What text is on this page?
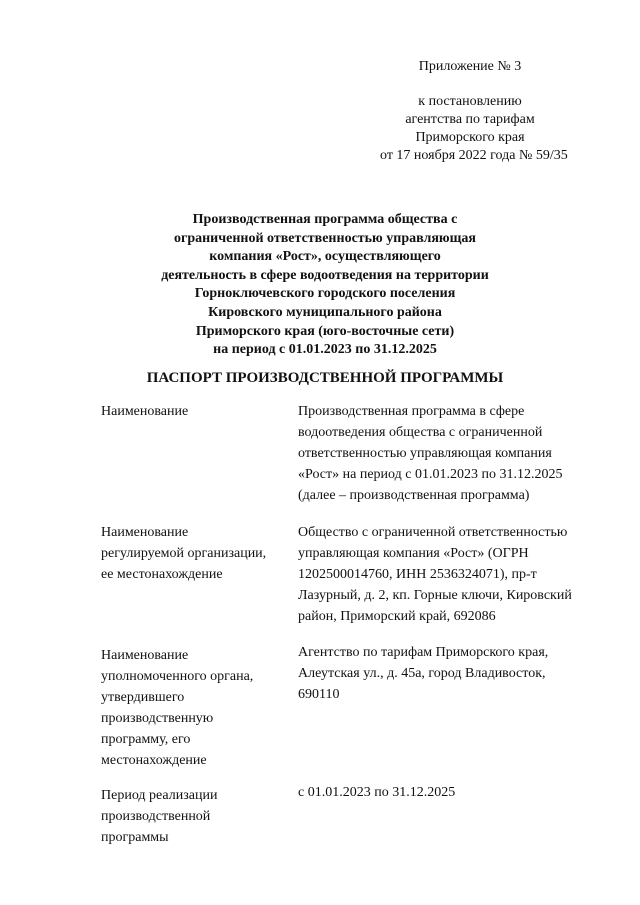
Приложение № 3
к постановлению
агентства по тарифам
Приморского края
от 17 ноября 2022 года № 59/35
Производственная программа общества с
ограниченной ответственностью управляющая
компания «Рост», осуществляющего
деятельность в сфере водоотведения на территории
Горноключевского городского поселения
Кировского муниципального района
Приморского края (юго-восточные сети)
на период с 01.01.2023 по 31.12.2025
ПАСПОРТ ПРОИЗВОДСТВЕННОЙ ПРОГРАММЫ
Наименование	Производственная программа в сфере
водоотведения общества с ограниченной
ответственностью управляющая компания
«Рост» на период с 01.01.2023 по 31.12.2025
(далее – производственная программа)
Наименование
регулируемой организации,
ее местонахождение
Общество с ограниченной ответственностью
управляющая компания «Рост» (ОГРН
1202500014760, ИНН 2536324071), пр-т
Лазурный, д. 2, кп. Горные ключи, Кировский
район, Приморский край, 692086
Наименование
уполномоченного органа,
утвердившего
производственную
программу, его
местонахождение
Агентство по тарифам Приморского края,
Алеутская ул., д. 45а, город Владивосток,
690110
Период реализации
производственной
программы
с 01.01.2023 по 31.12.2025
